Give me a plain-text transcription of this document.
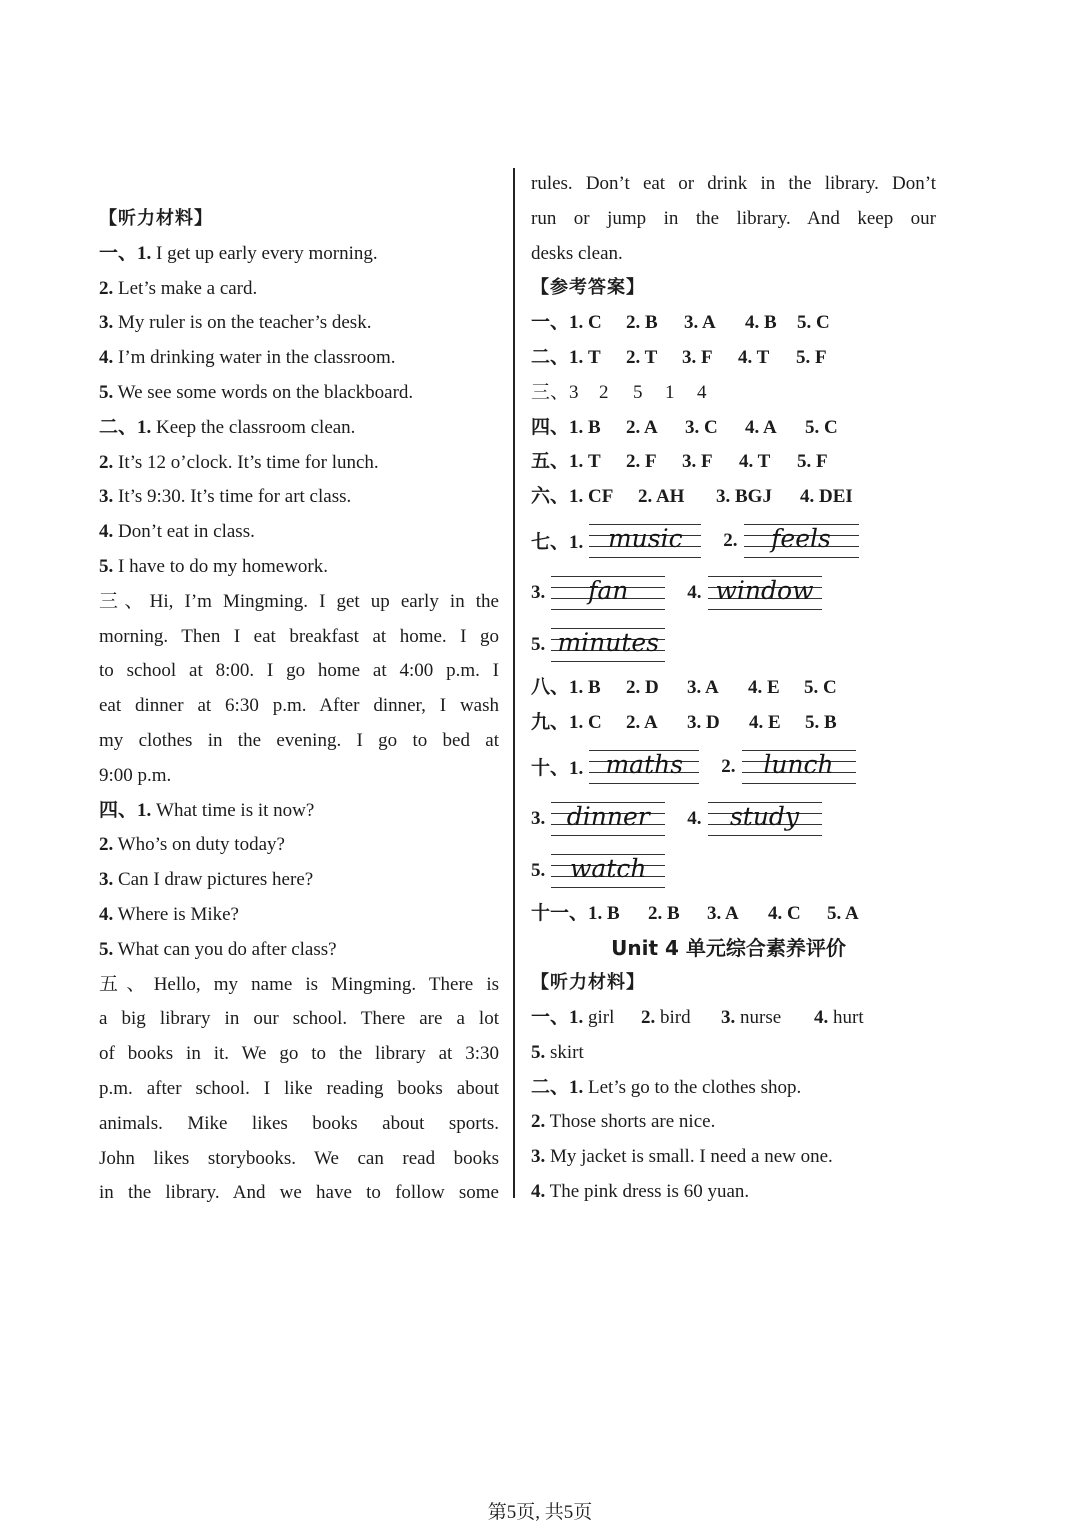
【听力材料】
一、1. I get up early every morning.
2. Let’s make a card.
3. My ruler is on the teacher’s desk.
4. I’m drinking water in the classroom.
5. We see some words on the blackboard.
二、1. Keep the classroom clean.
2. It’s 12 o’clock. It’s time for lunch.
3. It’s 9:30. It’s time for art class.
4. Don’t eat in class.
5. I have to do my homework.
三、Hi, I’m Mingming. I get up early in the
morning. Then I eat breakfast at home. I go
to school at 8:00. I go home at 4:00 p.m. I
eat dinner at 6:30 p.m. After dinner, I wash
my clothes in the evening. I go to bed at
9:00 p.m.
四、1. What time is it now?
2. Who’s on duty today?
3. Can I draw pictures here?
4. Where is Mike?
5. What can you do after class?
五、Hello, my name is Mingming. There is
a big library in our school. There are a lot
of books in it. We go to the library at 3:30
p.m. after school. I like reading books about
animals. Mike likes books about sports.
John likes storybooks. We can read books
in the library. And we have to follow some
rules. Don’t eat or drink in the library. Don’t
run or jump in the library. And keep our
desks clean.
【参考答案】
一、1. C	2. B	3. A	4. B	5. C
二、1. T	2. T	3. F	4. T	5. F
三、3	2	5	1	4
四、1. B	2. A	3. C	4. A	5. C
五、1. T	2. F	3. F	4. T	5. F
六、1. CF	2. AH	3. BGJ	4. DEI
七、1. music	2.	feels
3.	fan	4. window
5. minutes
八、1. B	2. D	3. A	4. E	5. C
九、1. C	2. A	3. D	4. E	5. B
十、1. maths	2.	lunch
3. dinner	4.	study
5. watch
十一、1. B	2. B	3. A	4. C	5. A
Unit 4 单元综合素养评价
【听力材料】
一、1. girl	2. bird	3. nurse	4. hurt
5. skirt
二、1. Let’s go to the clothes shop.
2. Those shorts are nice.
3. My jacket is small. I need a new one.
4. The pink dress is 60 yuan.
第5页, 共5页
